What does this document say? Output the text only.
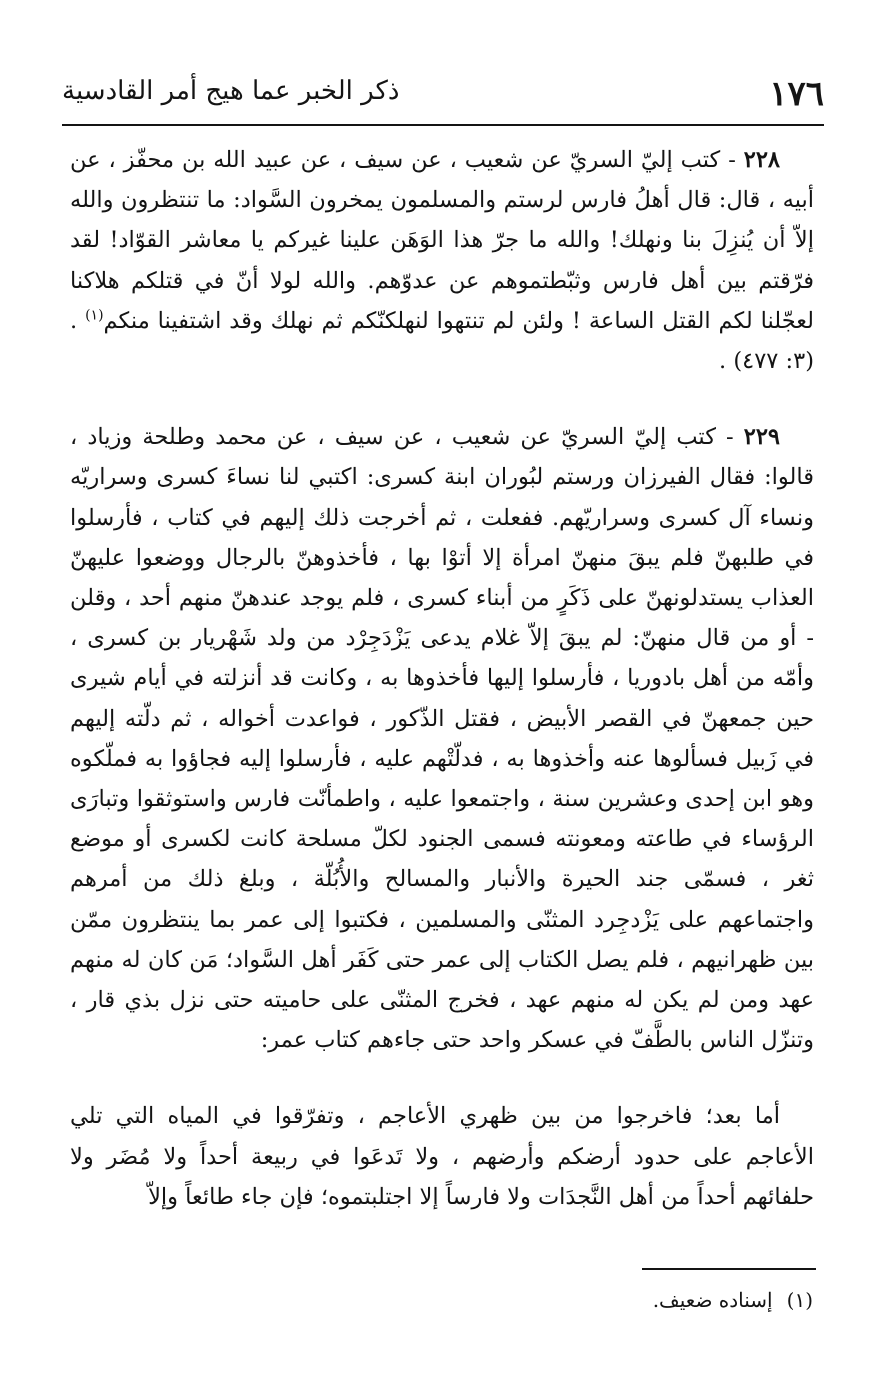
١٧٦
ذكر الخبر عما هيج أمر القادسية

٢٢٨ - كتب إليّ السريّ عن شعيب ، عن سيف ، عن عبيد الله بن محفّز ، عن أبيه ، قال: قال أهلُ فارس لرستم والمسلمون يمخرون السَّواد: ما تنتظرون والله إلاّ أن يُنزِلَ بنا ونهلك! والله ما جرّ هذا الوَهَن علينا غيركم يا معاشر القوّاد! لقد فرّقتم بين أهل فارس وثبّطتموهم عن عدوّهم. والله لولا أنّ في قتلكم هلاكنا لعجّلنا لكم القتل الساعة ! ولئن لم تنتهوا لنهلكنّكم ثم نهلك وقد اشتفينا منكم$^{(١)}$ . (٣: ٤٧٧) .

٢٢٩ - كتب إليّ السريّ عن شعيب ، عن سيف ، عن محمد وطلحة وزياد ، قالوا: فقال الفيرزان ورستم لبُوران ابنة كسرى: اكتبي لنا نساءَ كسرى وسراريّه ونساء آل كسرى وسراريّهم. ففعلت ، ثم أخرجت ذلك إليهم في كتاب ، فأرسلوا في طلبهنّ فلم يبقَ منهنّ امرأة إلا أتوْا بها ، فأخذوهنّ بالرجال ووضعوا عليهنّ العذاب يستدلونهنّ على ذَكَرٍ من أبناء كسرى ، فلم يوجد عندهنّ منهم أحد ، وقلن - أو من قال منهنّ: لم يبقَ إلاّ غلام يدعى يَزْدَجِرْد من ولد شَهْريار بن كسرى ، وأمّه من أهل بادوريا ، فأرسلوا إليها فأخذوها به ، وكانت قد أنزلته في أيام شيرى حين جمعهنّ في القصر الأبيض ، فقتل الذّكور ، فواعدت أخواله ، ثم دلّته إليهم في زَبيل فسألوها عنه وأخذوها به ، فدلّتْهم عليه ، فأرسلوا إليه فجاؤوا به فملّكوه وهو ابن إحدى وعشرين سنة ، واجتمعوا عليه ، واطمأنّت فارس واستوثقوا وتبارَى الرؤساء في طاعته ومعونته فسمى الجنود لكلّ مسلحة كانت لكسرى أو موضع ثغر ، فسمّى جند الحيرة والأنبار والمسالح والأُبُلّة ، وبلغ ذلك من أمرهم واجتماعهم على يَزْدجِرد المثنّى والمسلمين ، فكتبوا إلى عمر بما ينتظرون ممّن بين ظهرانيهم ، فلم يصل الكتاب إلى عمر حتى كَفَر أهل السَّواد؛ مَن كان له منهم عهد ومن لم يكن له منهم عهد ، فخرج المثنّى على حاميته حتى نزل بذي قار ، وتنزّل الناس بالطَّفّ في عسكر واحد حتى جاءهم كتاب عمر:

أما بعد؛ فاخرجوا من بين ظهري الأعاجم ، وتفرّقوا في المياه التي تلي الأعاجم على حدود أرضكم وأرضهم ، ولا تَدعَوا في ربيعة أحداً ولا مُضَر ولا حلفائهم أحداً من أهل النَّجدَات ولا فارساً إلا اجتلبتموه؛ فإن جاء طائعاً وإلاّ

(١)إسناده ضعيف.
